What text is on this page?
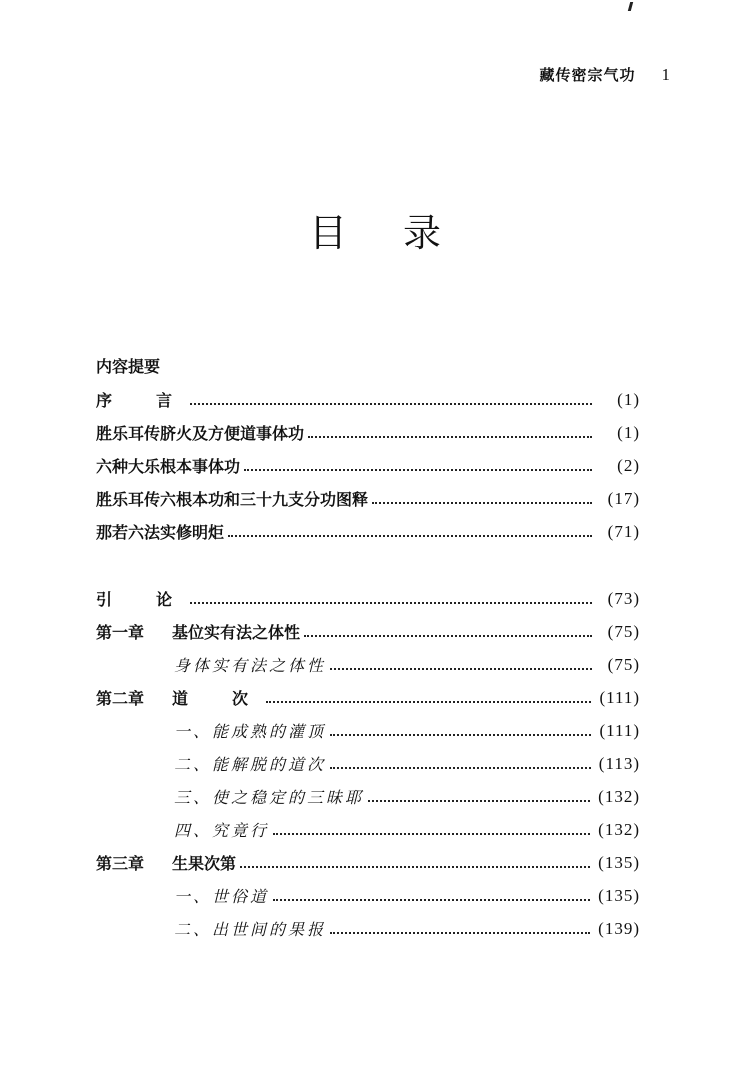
藏传密宗气功 1
目 录
内容提要
序　言	(1)
胜乐耳传脐火及方便道事体功	(1)
六种大乐根本事体功	(2)
胜乐耳传六根本功和三十九支分功图释	(17)
那若六法实修明炬	(71)
引　论	(73)
第一章	基位实有法之体性	(75)
身体实有法之体性	(75)
第二章	道　次	(111)
一、能成熟的灌顶	(111)
二、能解脱的道次	(113)
三、使之稳定的三昧耶	(132)
四、究竟行	(132)
第三章	生果次第	(135)
一、世俗道	(135)
二、出世间的果报	(139)
